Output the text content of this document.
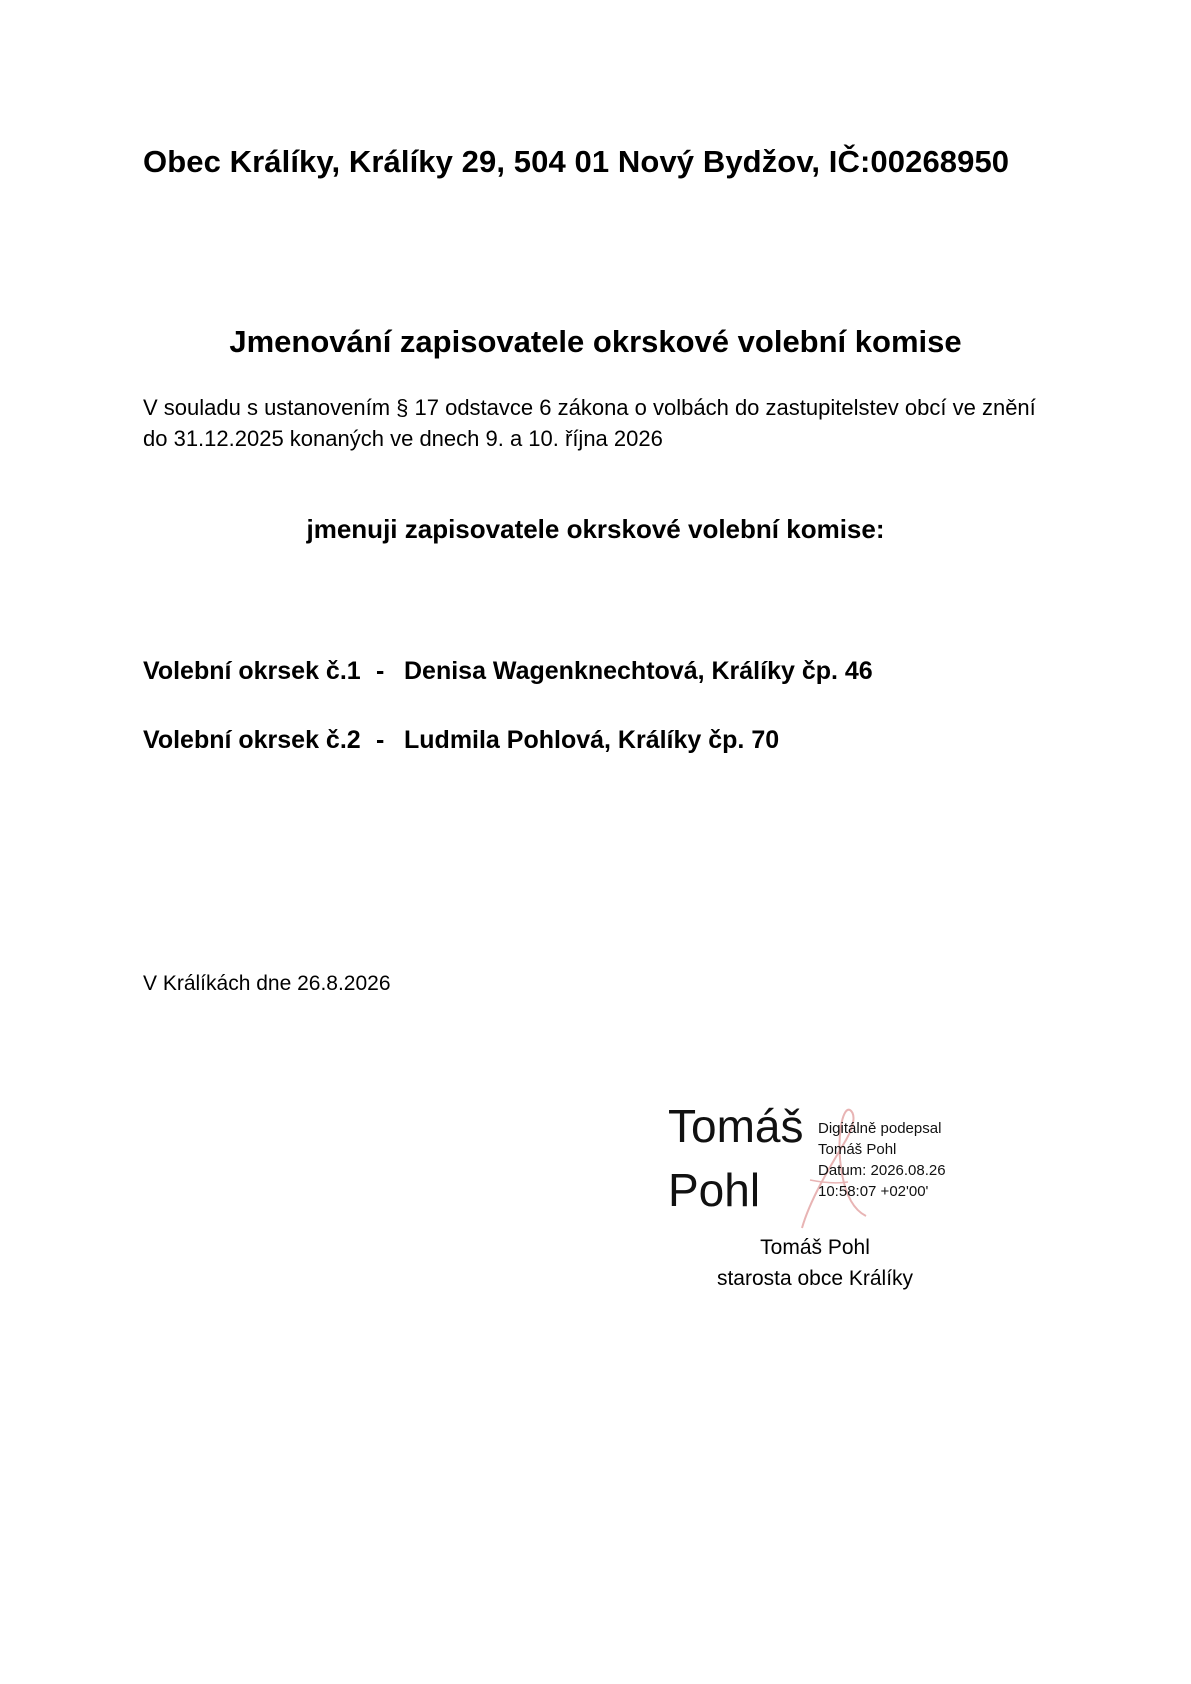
Obec Králíky, Králíky 29, 504 01 Nový Bydžov, IČ:00268950
Jmenování zapisovatele okrskové volební komise
V souladu s ustanovením § 17 odstavce 6 zákona o volbách do zastupitelstev obcí ve znění do 31.12.2025 konaných ve dnech 9. a 10. října 2026
jmenuji zapisovatele okrskové volební komise:
Volební okrsek č.1 - Denisa Wagenknechtová, Králíky čp. 46
Volební okrsek č.2 - Ludmila Pohlová, Králíky čp. 70
V Králíkách dne 26.8.2026
Tomáš
Pohl
Digitálně podepsal
Tomáš Pohl
Datum: 2026.08.26
10:58:07 +02'00'
Tomáš Pohl
starosta obce Králíky
